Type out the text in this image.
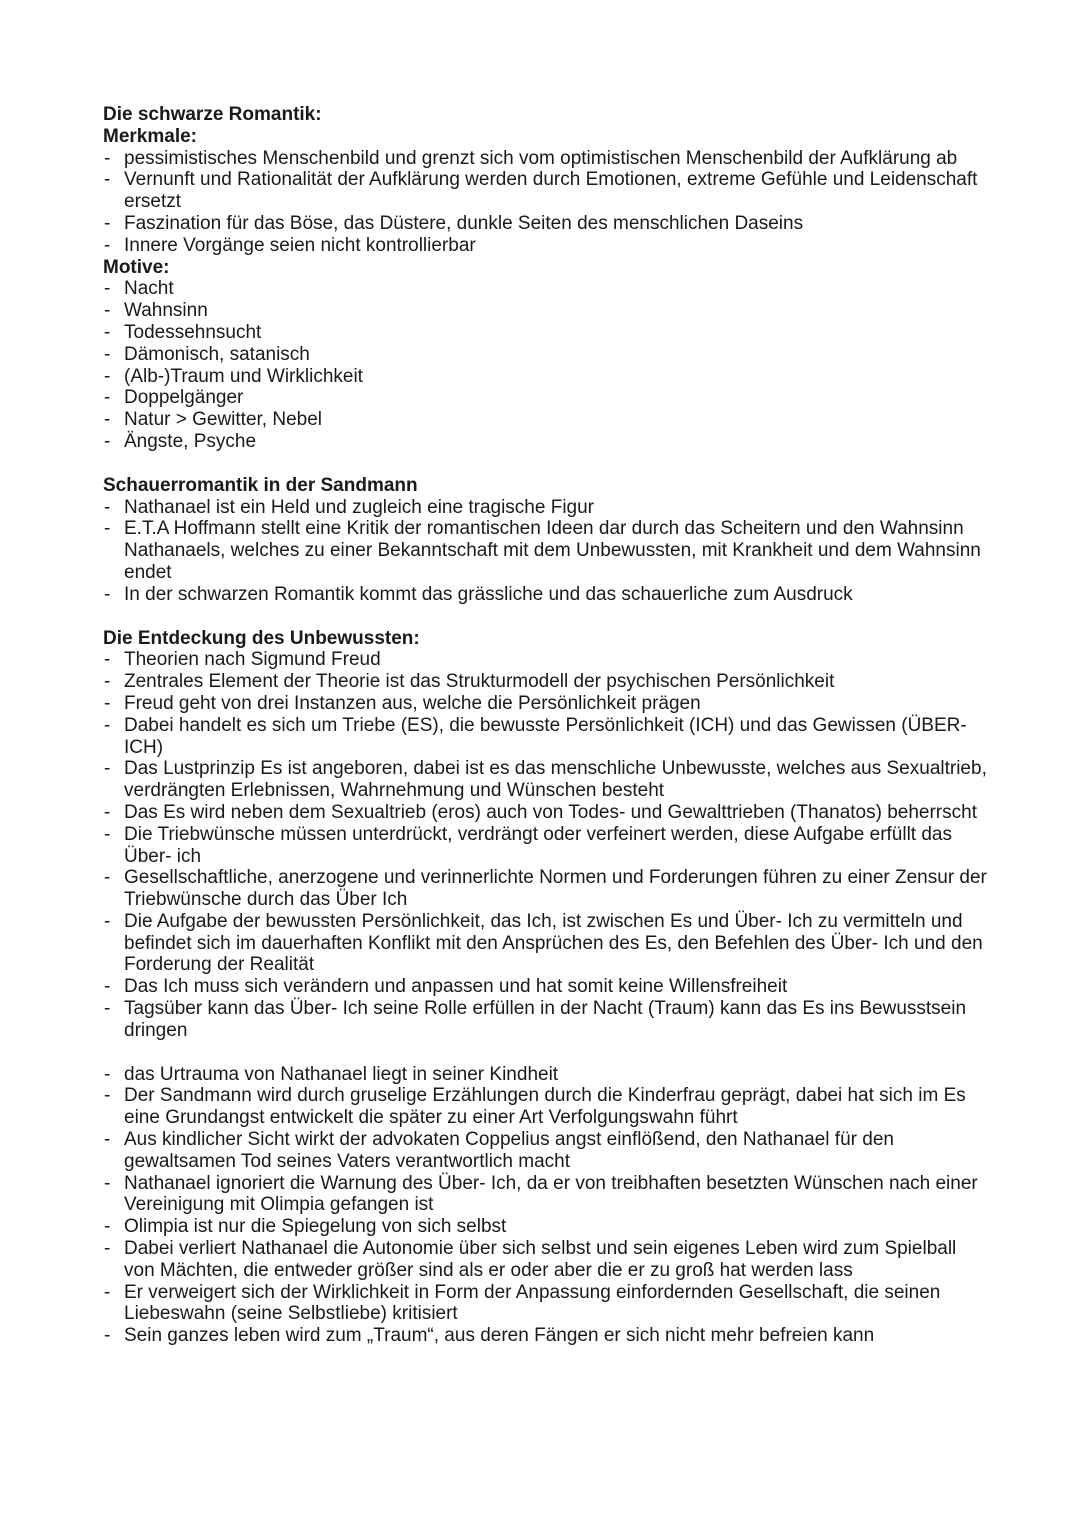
Die schwarze Romantik:

Merkmale:

- pessimistisches Menschenbild und grenzt sich vom optimistischen Menschenbild der Aufklärung ab
- Vernunft und Rationalität der Aufklärung werden durch Emotionen, extreme Gefühle und Leidenschaft ersetzt
- Faszination für das Böse, das Düstere, dunkle Seiten des menschlichen Daseins
- Innere Vorgänge seien nicht kontrollierbar

Motive:

- Nacht
- Wahnsinn
- Todessehnsucht
- Dämonisch, satanisch
- (Alb-)Traum und Wirklichkeit
- Doppelgänger
- Natur > Gewitter, Nebel
- Ängste, Psyche

Schauerromantik in der Sandmann

- Nathanael ist ein Held und zugleich eine tragische Figur
- E.T.A Hoffmann stellt eine Kritik der romantischen Ideen dar durch das Scheitern und den Wahnsinn Nathanaels, welches zu einer Bekanntschaft mit dem Unbewussten, mit Krankheit und dem Wahnsinn endet
- In der schwarzen Romantik kommt das grässliche und das schauerliche zum Ausdruck

Die Entdeckung des Unbewussten:

- Theorien nach Sigmund Freud
- Zentrales Element der Theorie ist das Strukturmodell der psychischen Persönlichkeit
- Freud geht von drei Instanzen aus, welche die Persönlichkeit prägen
- Dabei handelt es sich um Triebe (ES), die bewusste Persönlichkeit (ICH) und das Gewissen (ÜBER- ICH)
- Das Lustprinzip Es ist angeboren, dabei ist es das menschliche Unbewusste, welches aus Sexualtrieb, verdrängten Erlebnissen, Wahrnehmung und Wünschen besteht
- Das Es wird neben dem Sexualtrieb (eros) auch von Todes- und Gewalttrieben (Thanatos) beherrscht
- Die Triebwünsche müssen unterdrückt, verdrängt oder verfeinert werden, diese Aufgabe erfüllt das Über- ich
- Gesellschaftliche, anerzogene und verinnerlichte Normen und Forderungen führen zu einer Zensur der Triebwünsche durch das Über Ich
- Die Aufgabe der bewussten Persönlichkeit, das Ich, ist zwischen Es und Über- Ich zu vermitteln und befindet sich im dauerhaften Konflikt mit den Ansprüchen des Es, den Befehlen des Über- Ich und den Forderung der Realität
- Das Ich muss sich verändern und anpassen und hat somit keine Willensfreiheit
- Tagsüber kann das Über- Ich seine Rolle erfüllen in der Nacht (Traum) kann das Es ins Bewusstsein dringen
- das Urtrauma von Nathanael liegt in seiner Kindheit
- Der Sandmann wird durch gruselige Erzählungen durch die Kinderfrau geprägt, dabei hat sich im Es eine Grundangst entwickelt die später zu einer Art Verfolgungswahn führt
- Aus kindlicher Sicht wirkt der advokaten Coppelius angst einflößend, den Nathanael für den gewaltsamen Tod seines Vaters verantwortlich macht
- Nathanael ignoriert die Warnung des Über- Ich, da er von treibhaften besetzten Wünschen nach einer Vereinigung mit Olimpia gefangen ist
- Olimpia ist nur die Spiegelung von sich selbst
- Dabei verliert Nathanael die Autonomie über sich selbst und sein eigenes Leben wird zum Spielball von Mächten, die entweder größer sind als er oder aber die er zu groß hat werden lass
- Er verweigert sich der Wirklichkeit in Form der Anpassung einfordernden Gesellschaft, die seinen Liebeswahn (seine Selbstliebe) kritisiert
- Sein ganzes leben wird zum „Traum“, aus deren Fängen er sich nicht mehr befreien kann
